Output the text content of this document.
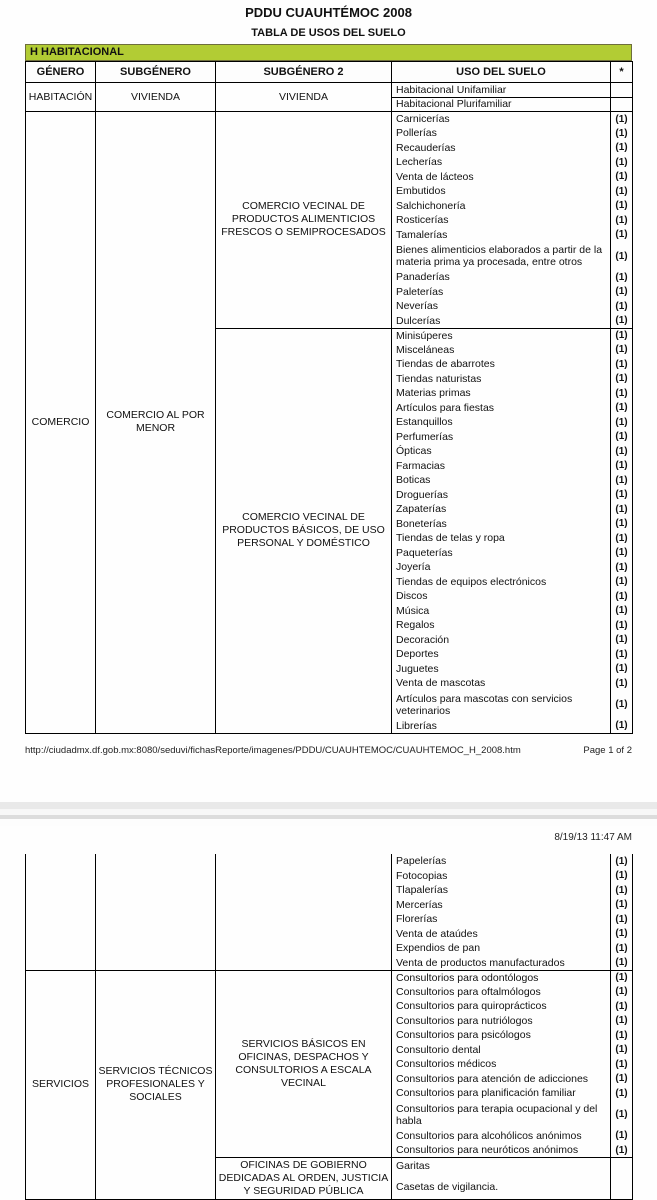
PDDU CUAUHTÉMOC 2008
TABLA DE USOS DEL SUELO
H HABITACIONAL
GÉNERO	SUBGÉNERO	SUBGÉNERO 2	USO DEL SUELO	*
HABITACIÓN	VIVIENDA	VIVIENDA	Habitacional Unifamiliar	
			Habitacional Plurifamiliar	
COMERCIO	COMERCIO AL POR MENOR	COMERCIO VECINAL DE PRODUCTOS ALIMENTICIOS FRESCOS O SEMIPROCESADOS	Carnicerías	(1)
			Pollerías	(1)
			Recauderías	(1)
			Lecherías	(1)
			Venta de lácteos	(1)
			Embutidos	(1)
			Salchichonería	(1)
			Rosticerías	(1)
			Tamalerías	(1)
			Bienes alimenticios elaborados a partir de la materia prima ya procesada, entre otros	(1)
			Panaderías	(1)
			Paleterías	(1)
			Neverías	(1)
			Dulcerías	(1)
		COMERCIO VECINAL DE PRODUCTOS BÁSICOS, DE USO PERSONAL Y DOMÉSTICO	Minisúperes	(1)
			Misceláneas	(1)
			Tiendas de abarrotes	(1)
			Tiendas naturistas	(1)
			Materias primas	(1)
			Artículos para fiestas	(1)
			Estanquillos	(1)
			Perfumerías	(1)
			Ópticas	(1)
			Farmacias	(1)
			Boticas	(1)
			Droguerías	(1)
			Zapaterías	(1)
			Boneterías	(1)
			Tiendas de telas y ropa	(1)
			Paqueterías	(1)
			Joyería	(1)
			Tiendas de equipos electrónicos	(1)
			Discos	(1)
			Música	(1)
			Regalos	(1)
			Decoración	(1)
			Deportes	(1)
			Juguetes	(1)
			Venta de mascotas	(1)
			Artículos para mascotas con servicios veterinarios	(1)
			Librerías	(1)
http://ciudadmx.df.gob.mx:8080/seduvi/fichasReporte/imagenes/PDDU/CUAUHTEMOC/CUAUHTEMOC_H_2008.htm	Page 1 of 2
8/19/13 11:47 AM
			Papelerías	(1)
			Fotocopias	(1)
			Tlapalerías	(1)
			Mercerías	(1)
			Florerías	(1)
			Venta de ataúdes	(1)
			Expendios de pan	(1)
			Venta de productos manufacturados	(1)
SERVICIOS	SERVICIOS TÉCNICOS PROFESIONALES Y SOCIALES	SERVICIOS BÁSICOS EN OFICINAS, DESPACHOS Y CONSULTORIOS A ESCALA VECINAL	Consultorios para odontólogos	(1)
			Consultorios para oftalmólogos	(1)
			Consultorios para quiroprácticos	(1)
			Consultorios para nutriólogos	(1)
			Consultorios para psicólogos	(1)
			Consultorio dental	(1)
			Consultorios médicos	(1)
			Consultorios para atención de adicciones	(1)
			Consultorios para planificación familiar	(1)
			Consultorios para terapia ocupacional y del habla	(1)
			Consultorios para alcohólicos anónimos	(1)
			Consultorios para neuróticos anónimos	(1)
		OFICINAS DE GOBIERNO DEDICADAS AL ORDEN, JUSTICIA Y SEGURIDAD PÚBLICA	Garitas	
			Casetas de vigilancia.	
